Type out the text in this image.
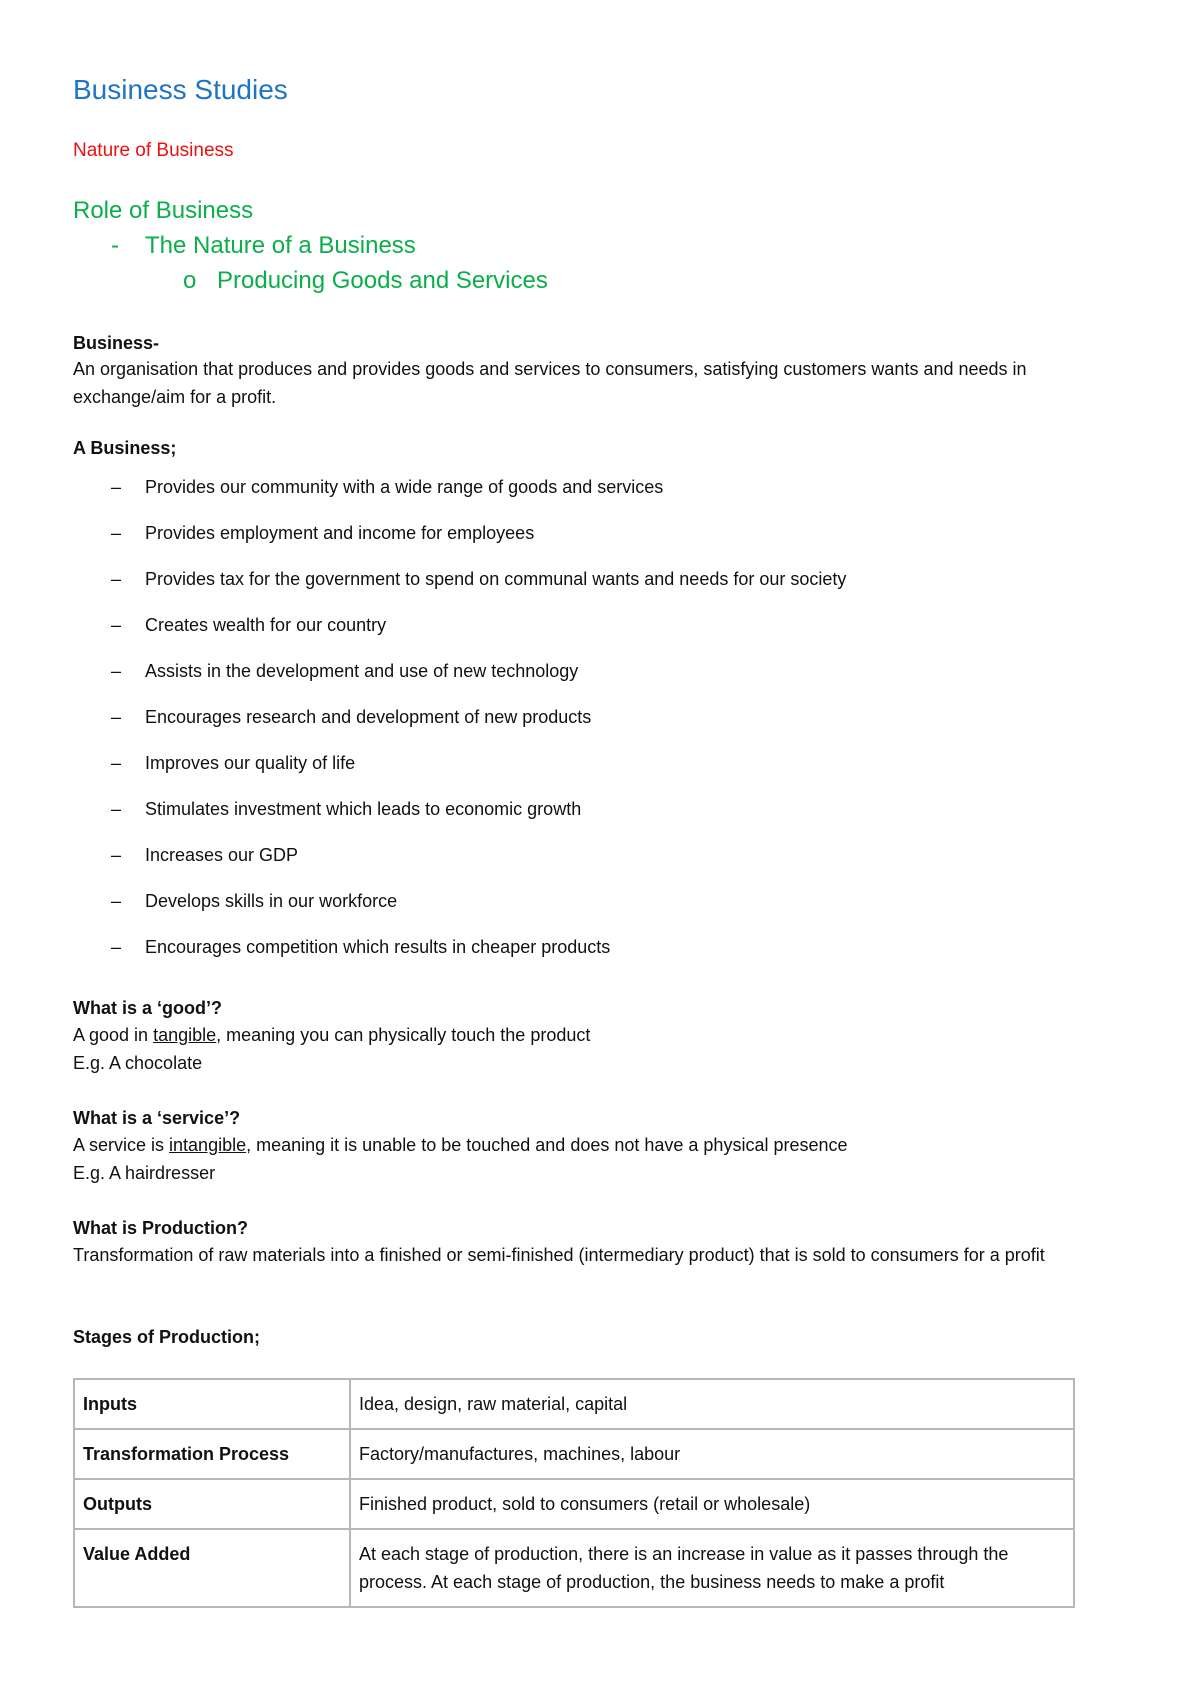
Business Studies
Nature of Business
Role of Business
- The Nature of a Business
o Producing Goods and Services
Business-

An organisation that produces and provides goods and services to consumers, satisfying customers wants and needs in exchange/aim for a profit.

A Business;
– Provides our community with a wide range of goods and services
– Provides employment and income for employees
– Provides tax for the government to spend on communal wants and needs for our society
– Creates wealth for our country
– Assists in the development and use of new technology
– Encourages research and development of new products
– Improves our quality of life
– Stimulates investment which leads to economic growth
– Increases our GDP
– Develops skills in our workforce
– Encourages competition which results in cheaper products
What is a ‘good’?

A good in tangible, meaning you can physically touch the product

E.g. A chocolate

What is a ‘service’?

A service is intangible, meaning it is unable to be touched and does not have a physical presence

E.g. A hairdresser

What is Production?

Transformation of raw materials into a finished or semi-finished (intermediary product) that is sold to consumers for a profit

Stages of Production;
Inputs	Idea, design, raw material, capital
Transformation Process	Factory/manufactures, machines, labour
Outputs	Finished product, sold to consumers (retail or wholesale)
Value Added	At each stage of production, there is an increase in value as it passes through the process. At each stage of production, the business needs to make a profit
